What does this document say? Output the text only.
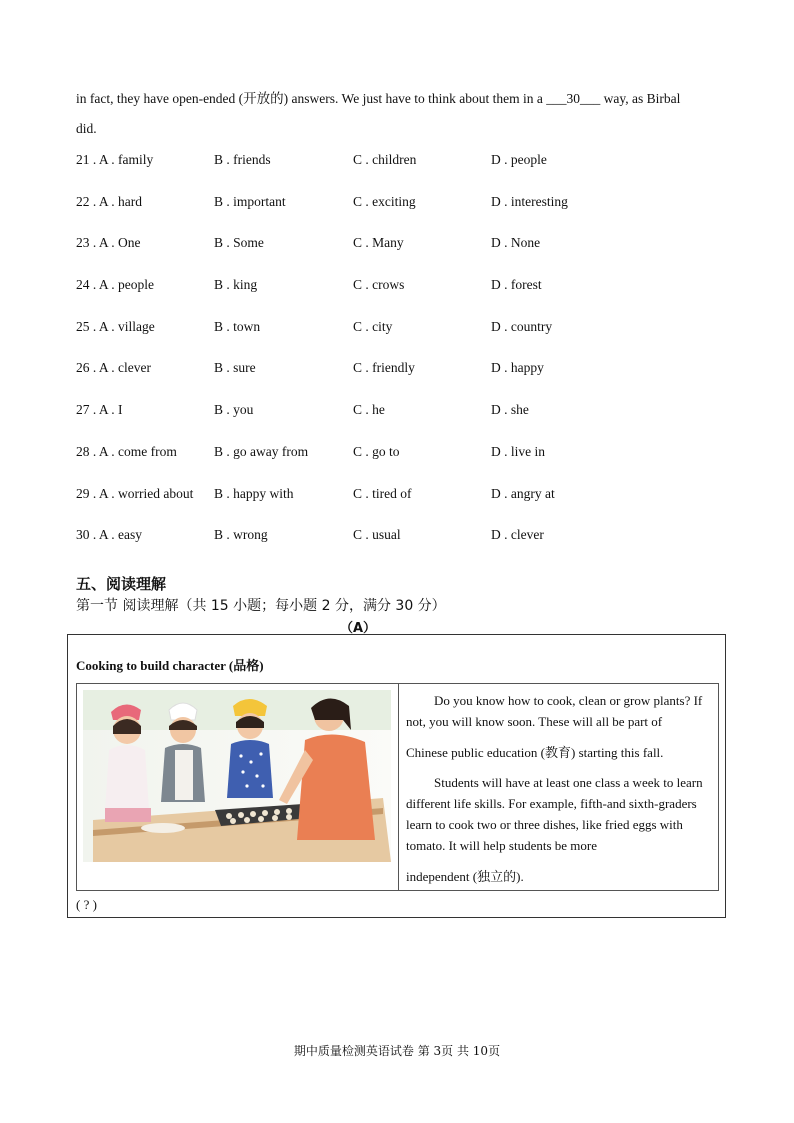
in fact, they have open-ended (开放的) answers. We just have to think about them in a ___30___ way, as Birbal
did.
21 . A . family	B . friends	C . children	D . people
22 . A . hard	B . important	C . exciting	D . interesting
23 . A . One	B . Some	C . Many	D . None
24 . A . people	B . king	C . crows	D . forest
25 . A . village	B . town	C . city	D . country
26 . A . clever	B . sure	C . friendly	D . happy
27 . A . I	B . you	C . he	D . she
28 . A . come from	B . go away from	C . go to	D . live in
29 . A . worried about B . happy with	C . tired of	D . angry at
30 . A . easy	B . wrong	C . usual	D . clever
五、阅读理解
第一节 阅读理解（共 15 小题；每小题 2 分，满分 30 分）
（A）
Cooking to build character (品格)

Do you know how to cook, clean or grow plants? If not, you will know soon. These will all be part of

Chinese public education (教育) starting this fall.

Students will have at least one class a week to learn different life skills. For example, fifth-and sixth-graders learn to cook two or three dishes, like fried eggs with tomato. It will help students be more

independent (独立的).

( ? )
期中质量检测英语试卷 第 3页 共 10页
